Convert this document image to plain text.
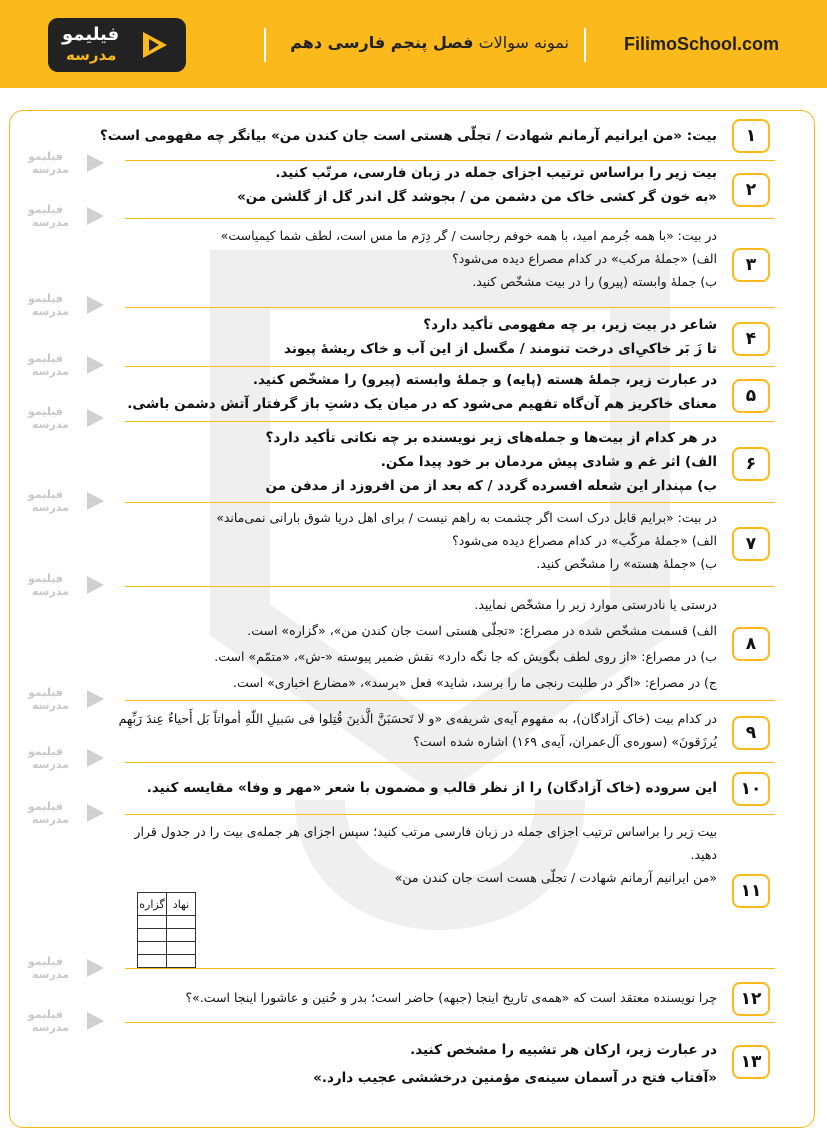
فیلیمو
مدرسه
نمونه سوالات فصل پنجم فارسی دهم	FilimoSchool.com
فیلیمو
مدرسه
فیلیمو
مدرسه
فیلیمو
مدرسه
فیلیمو
مدرسه
فیلیمو
مدرسه
فیلیمو
مدرسه
فیلیمو
مدرسه
فیلیمو
مدرسه
فیلیمو
مدرسه
فیلیمو
مدرسه
فیلیمو
مدرسه
فیلیمو
مدرسه
۱
بیت: «من ایرانیم آرمانم شهادت / تجلّی هستی است جان کندن من» بیانگر چه مفهومی است؟
۲
بیت زیر را براساس ترتیب اجزای جمله در زبان فارسی، مرتّب کنید.
«به خون گر کشی خاک من دشمن من / بجوشد گل اندر گل از گلشن من»
۳
در بیت: «با همه جُرمم امید، با همه خوفم رجاست / گر دِرَم ما مس است، لطف شما کیمیاست»
الف) «جملهٔ مرکب» در کدام مصراع دیده می‌شود؟
ب) جملهٔ وابسته (پیرو) را در بیت مشخّص کنید.
۴
شاعر در بیت زیر، بر چه مفهومی تأکید دارد؟
تا زَ بَر خاکیِ‌ای درخت تنومند / مگسل از این آب و خاک ریشهٔ پیوند
۵
در عبارت زیر، جملهٔ هسته (پایه) و جملهٔ وابسته (پیرو) را مشخّص کنید.
معنای خاکریز هم آن‌گاه تفهیم می‌شود که در میان یک دشتِ باز گرفتار آتش دشمن باشی.
۶
در هر کدام از بیت‌ها و جمله‌های زیر نویسنده بر چه نکاتی تأکید دارد؟
الف) اثر غم و شادی پیش مردمان بر خود پیدا مکن.
ب) مپندار این شعله افسرده گردد / که بعد از من افروزد از مدفن من
۷
در بیت: «برایم قابل درک است اگر چشمت به راهم نیست / برای اهل دریا شوق بارانی نمی‌ماند»
الف) «جملهٔ مرکّب» در کدام مصراع دیده می‌شود؟
ب) «جملهٔ هسته» را مشخّص کنید.
۸
درستی یا نادرستی موارد زیر را مشخّص نمایید.
الف) قسمت مشخّص شده در مصراع: «تجلّی هستی است جان کندن من»، «گزاره» است.
ب) در مصراع: «از روی لطف بگویش که جا نگه دارد» نقش ضمیر پیوسته «-ش»، «متمّم» است.
ج) در مصراع: «اگر در طلبت رنجی ما را برسد، شاید» فعل «برسد»، «مضارع اخباری» است.
۹
در کدام بیت (خاک آزادگان)، به مفهوم آیه‌ی شریفه‌ی «و لا تَحسَبَنَّ الَّذینَ قُتِلوا فی سَبیلِ اللّهِ أمواتاً بَل أَحیاءٌ عِندَ رَبِّهِم
یُرزَقونَ» (سوره‌ی آل‌عمران، آیه‌ی ۱۶۹) اشاره شده است؟
۱۰
این سروده (خاک آزادگان) را از نظر قالب و مضمون با شعر «مهر و وفا» مقایسه کنید.
۱۱
بیت زیر را براساس ترتیب اجزای جمله در زبان فارسی مرتب کنید؛ سپس اجزای هر جمله‌ی بیت را در جدول قرار
دهید.
«من ایرانیم آرمانم شهادت / تجلّی هست است جان کندن من»
گزاره	نهاد

۱۲
چرا نویسنده معتقد است که «همه‌ی تاریخ اینجا (جبهه) حاضر است؛ بدر و حُنین و عاشورا اینجا است.»؟
۱۳
در عبارت زیر، ارکان هر تشبیه را مشخص کنید.
«آفتاب فتح در آسمان سینه‌ی مؤمنین درخششی عجیب دارد.»
